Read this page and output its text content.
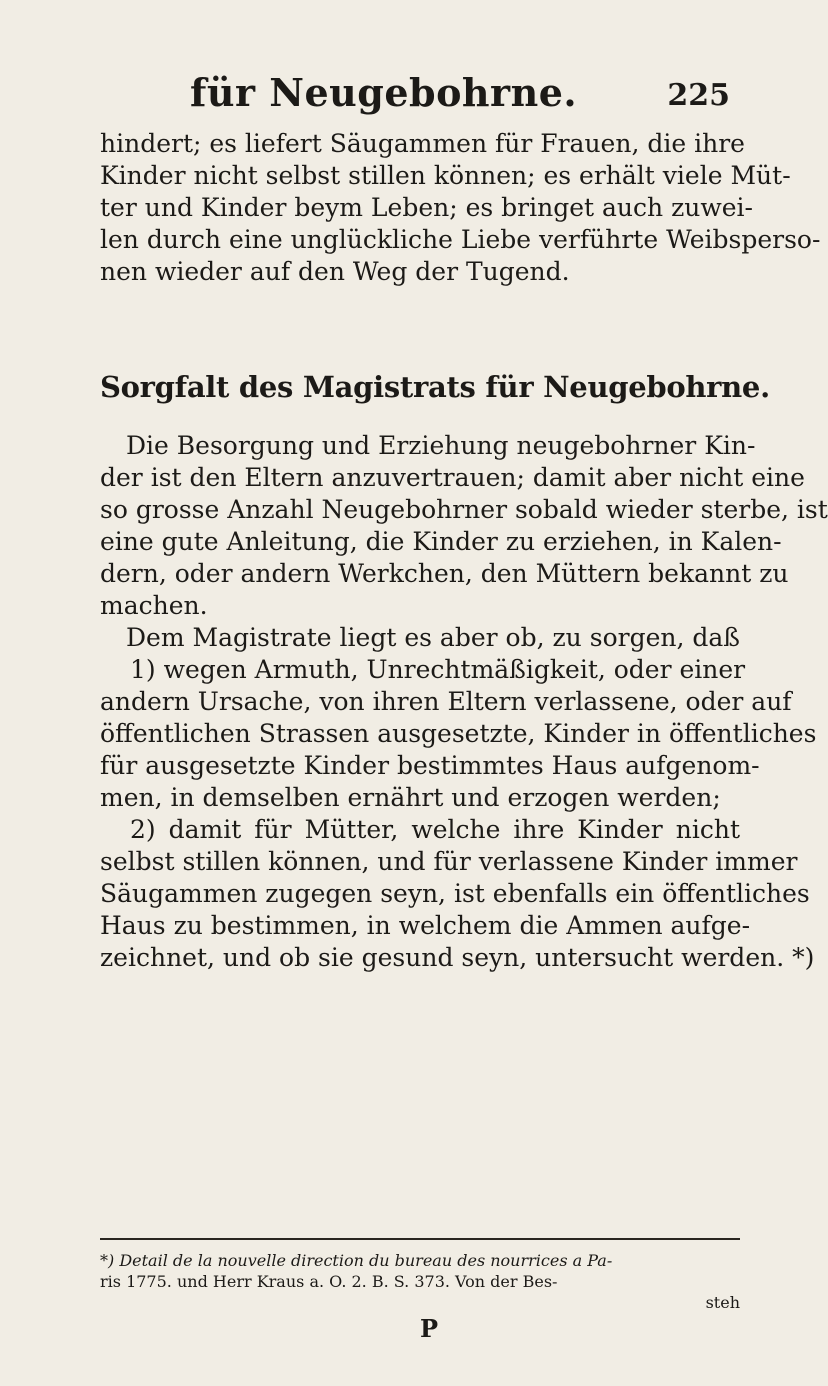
für Neugebohrne.	225
hindert; es liefert Säugammen für Frauen, die ihre
Kinder nicht selbst stillen können; es erhält viele Müt-
ter und Kinder beym Leben; es bringet auch zuwei-
len durch eine unglückliche Liebe verführte Weibsperso-
nen wieder auf den Weg der Tugend.
Sorgfalt des Magistrats für Neugebohrne.
Die Besorgung und Erziehung neugebohrner Kin-
der ist den Eltern anzuvertrauen; damit aber nicht eine
so grosse Anzahl Neugebohrner sobald wieder sterbe, ist
eine gute Anleitung, die Kinder zu erziehen, in Kalen-
dern, oder andern Werkchen, den Müttern bekannt zu
machen.
Dem Magistrate liegt es aber ob, zu sorgen, daß
1) wegen Armuth, Unrechtmäßigkeit, oder einer
andern Ursache, von ihren Eltern verlassene, oder auf
öffentlichen Strassen ausgesetzte, Kinder in öffentliches
für ausgesetzte Kinder bestimmtes Haus aufgenom-
men, in demselben ernährt und erzogen werden;
2) damit für Mütter, welche ihre Kinder nicht
selbst stillen können, und für verlassene Kinder immer
Säugammen zugegen seyn, ist ebenfalls ein öffentliches
Haus zu bestimmen, in welchem die Ammen aufge-
zeichnet, und ob sie gesund seyn, untersucht werden. *)
*) Detail de la nouvelle direction du bureau des nourrices a Pa-
ris 1775. und Herr Kraus a. O. 2. B. S. 373. Von der Bes-
steh
P
